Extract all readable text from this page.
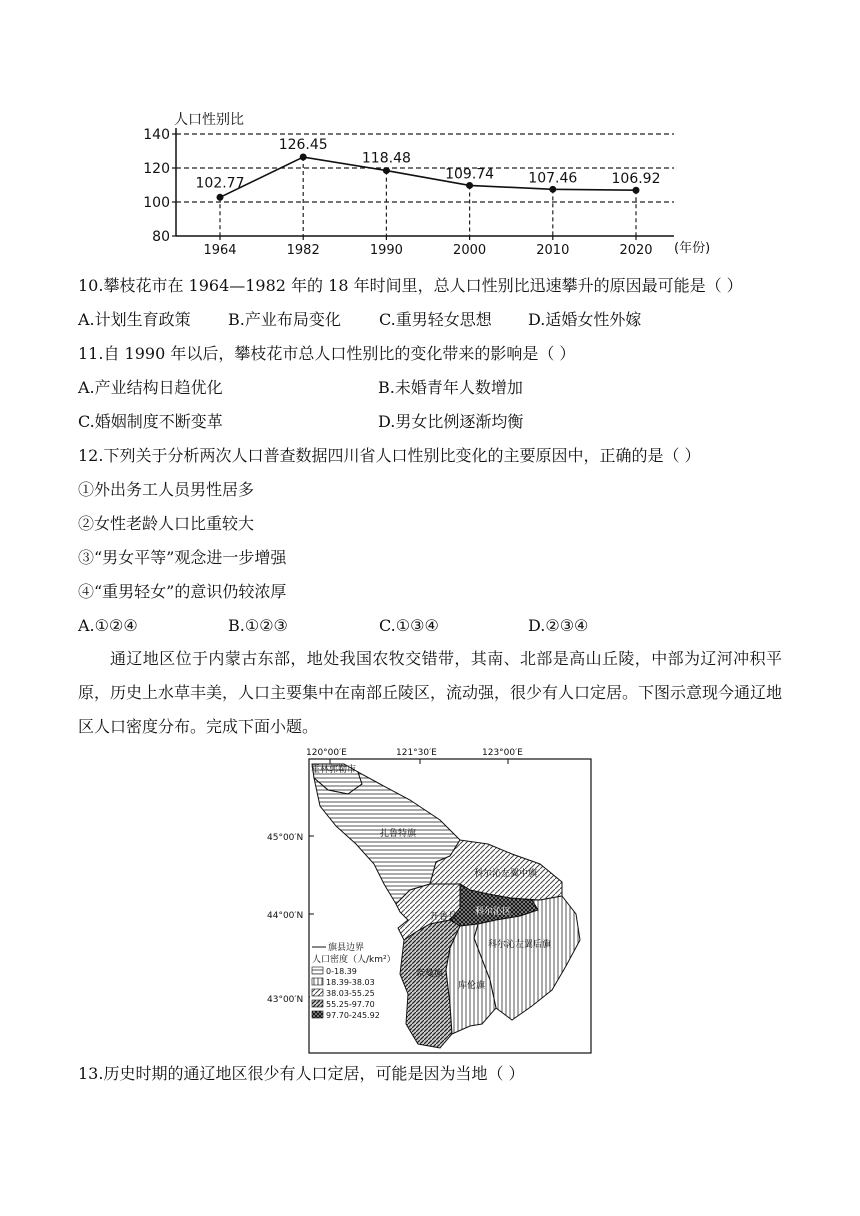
80
100
120
140
1964	1982	1990	2000	2010	2020
102.77
126.45
118.48
109.74 107.46 106.92
人口性别比
(年份)
10.攀枝花市在 1964—1982 年的 18 年时间里，总人口性别比迅速攀升的原因最可能是（ ）
A.计划生育政策 B.产业布局变化 C.重男轻女思想 D.适婚女性外嫁
11.自 1990 年以后，攀枝花市总人口性别比的变化带来的影响是（ ）
A.产业结构日趋优化	B.未婚青年人数增加
C.婚姻制度不断变革	D.男女比例逐渐均衡
12.下列关于分析两次人口普查数据四川省人口性别比变化的主要原因中，正确的是（ ）
①外出务工人员男性居多
②女性老龄人口比重较大
③“男女平等”观念进一步增强
④“重男轻女”的意识仍较浓厚
A.①②④	B.①②③	C.①③④	D.②③④
通辽地区位于内蒙古东部，地处我国农牧交错带，其南、北部是高山丘陵，中部为辽河冲积平原，历史上水草丰美，人口主要集中在南部丘陵区，流动强，很少有人口定居。下图示意现今通辽地区人口密度分布。完成下面小题。
120°00′E	121°30′E	123°00′E
45°00′N
44°00′N
43°00′N
霍林郭勒市
扎鲁特旗
科尔沁左翼中旗
开鲁县 科尔沁区
科尔沁左翼后旗
奈曼旗
库伦旗
旗县边界
人口密度（人/km²）
0-18.39
18.39-38.03
38.03-55.25
55.25-97.70
97.70-245.92
13.历史时期的通辽地区很少有人口定居，可能是因为当地（ ）
